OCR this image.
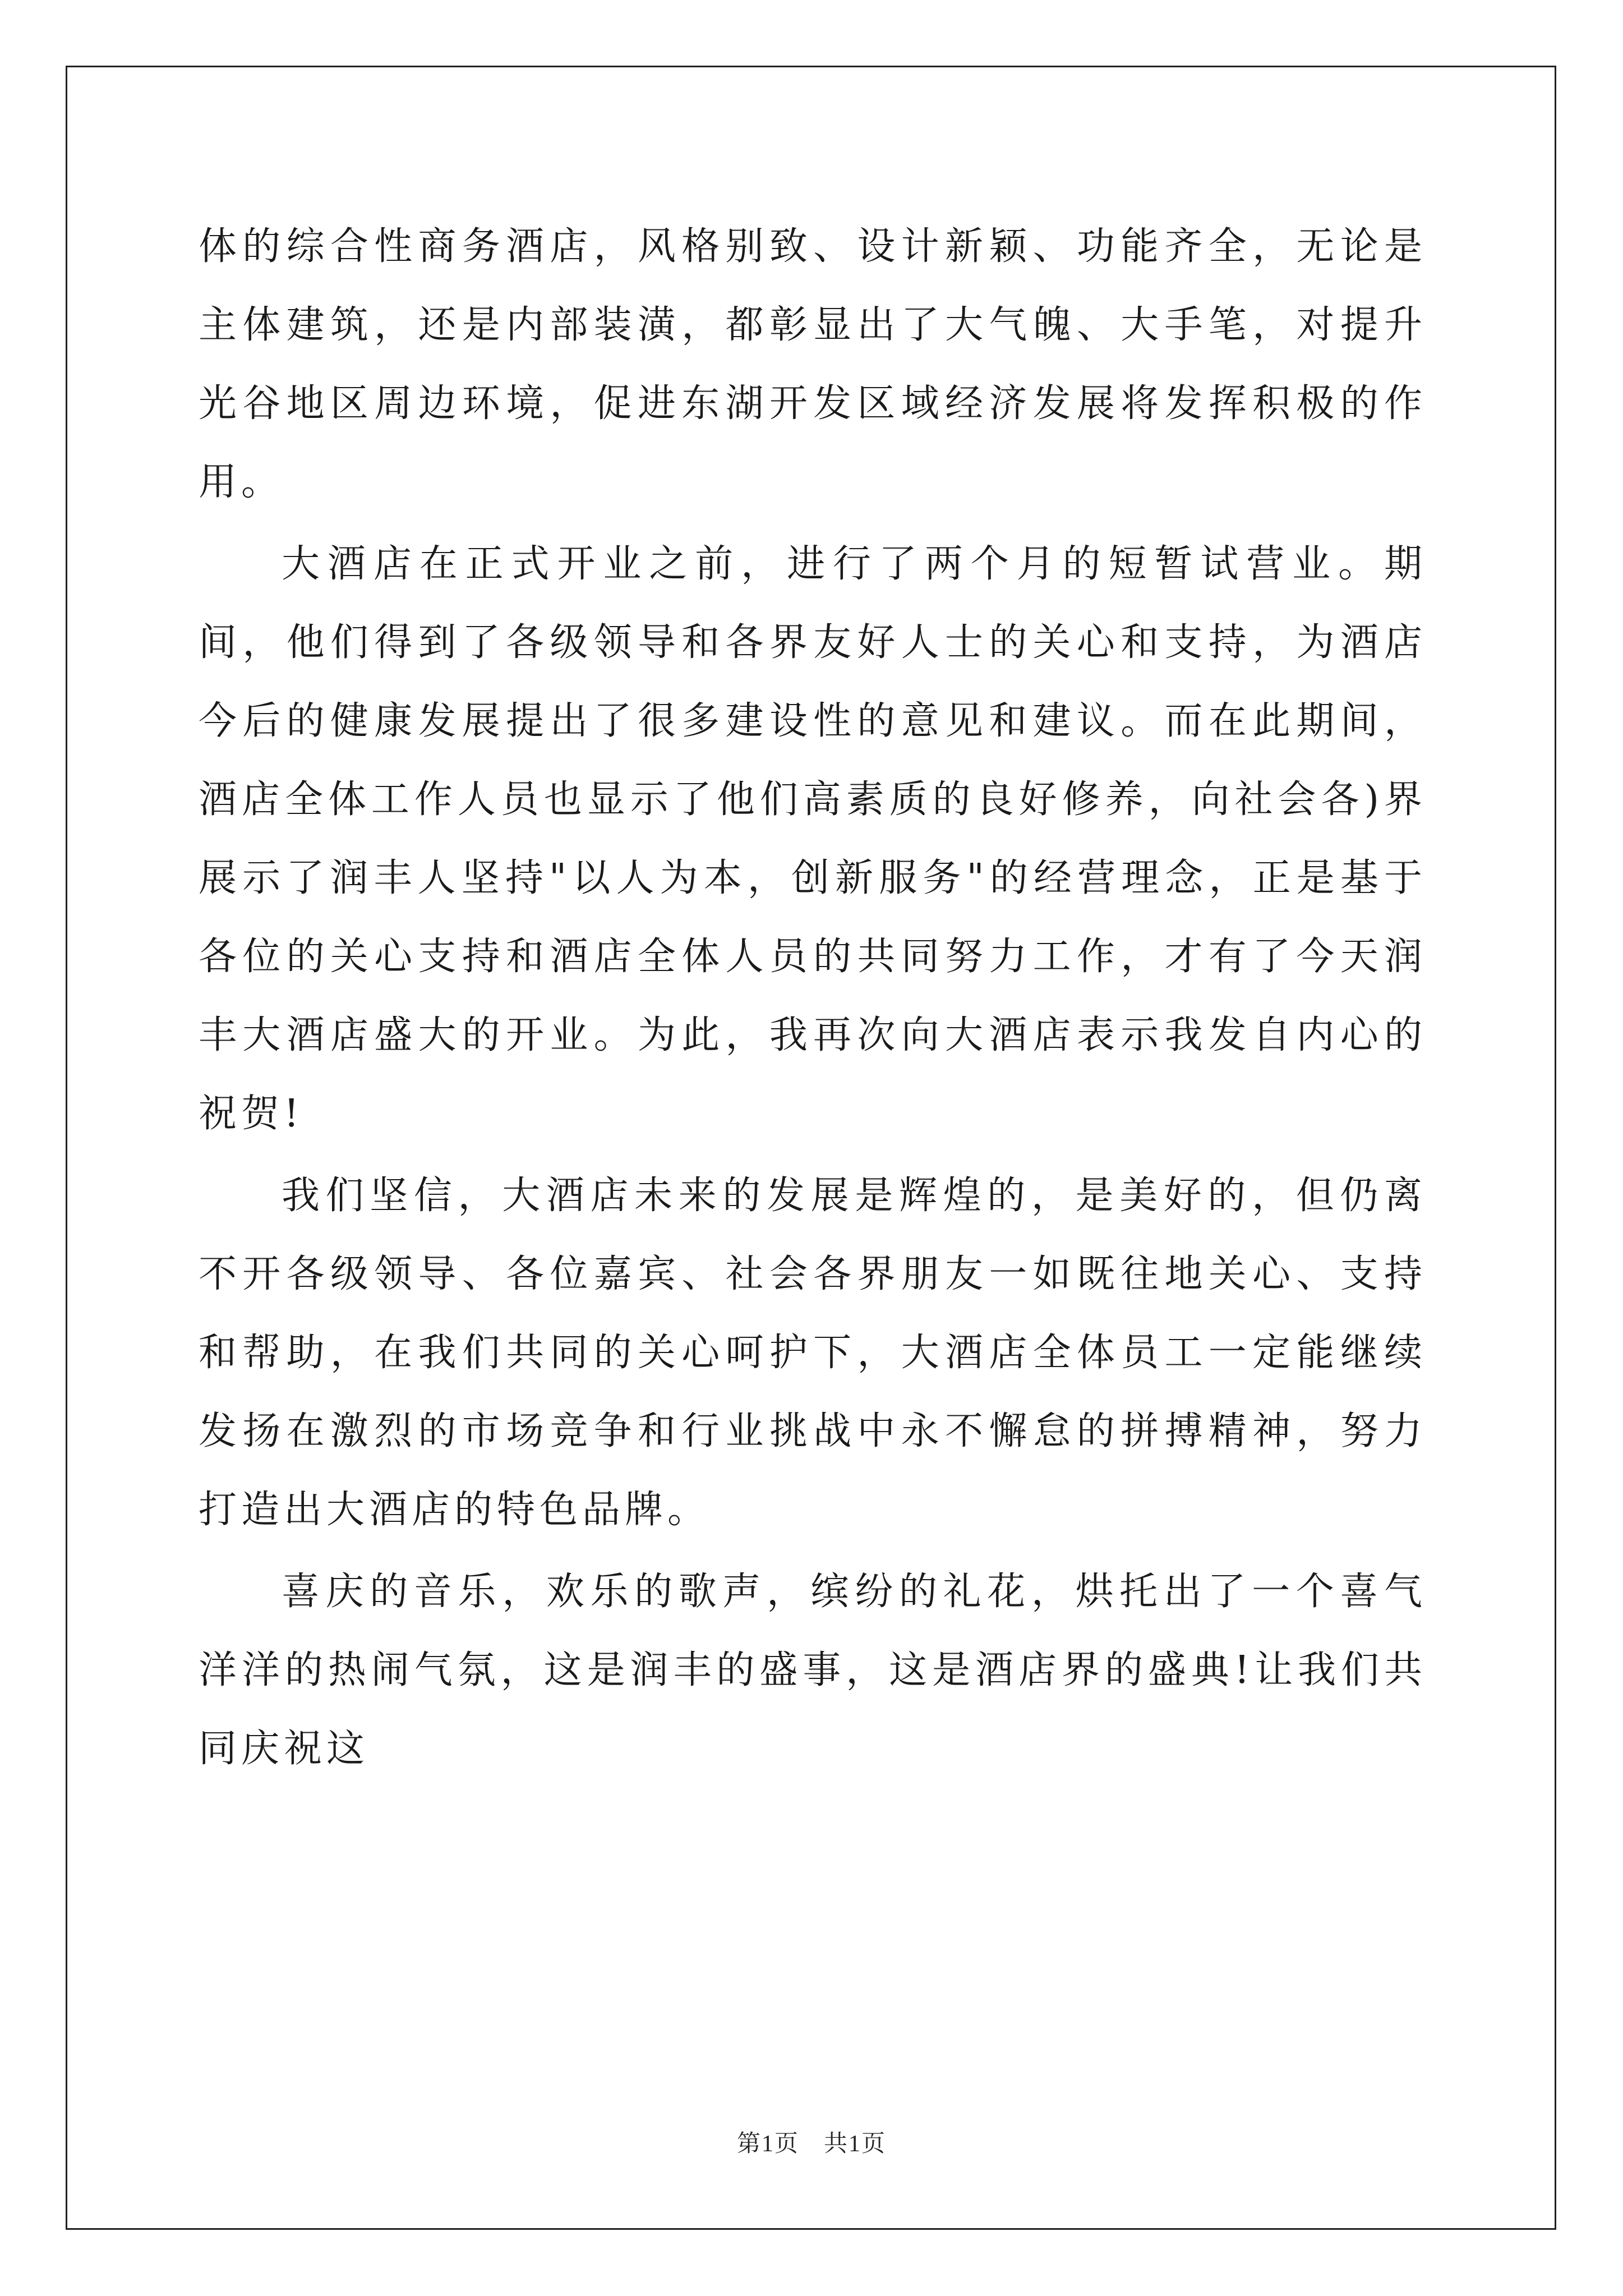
体的综合性商务酒店，风格别致、设计新颖、功能齐全，无论是主体建筑，还是内部装潢，都彰显出了大气魄、大手笔，对提升光谷地区周边环境，促进东湖开发区域经济发展将发挥积极的作用。

大酒店在正式开业之前，进行了两个月的短暂试营业。期间，他们得到了各级领导和各界友好人士的关心和支持，为酒店今后的健康发展提出了很多建设性的意见和建议。而在此期间，酒店全体工作人员也显示了他们高素质的良好修养，向社会各)界展示了润丰人坚持"以人为本，创新服务"的经营理念，正是基于各位的关心支持和酒店全体人员的共同努力工作，才有了今天润丰大酒店盛大的开业。为此，我再次向大酒店表示我发自内心的祝贺!

我们坚信，大酒店未来的发展是辉煌的，是美好的，但仍离不开各级领导、各位嘉宾、社会各界朋友一如既往地关心、支持和帮助，在我们共同的关心呵护下，大酒店全体员工一定能继续发扬在激烈的市场竞争和行业挑战中永不懈怠的拼搏精神，努力打造出大酒店的特色品牌。

喜庆的音乐，欢乐的歌声，缤纷的礼花，烘托出了一个喜气洋洋的热闹气氛，这是润丰的盛事，这是酒店界的盛典!让我们共同庆祝这

第1页　共1页
